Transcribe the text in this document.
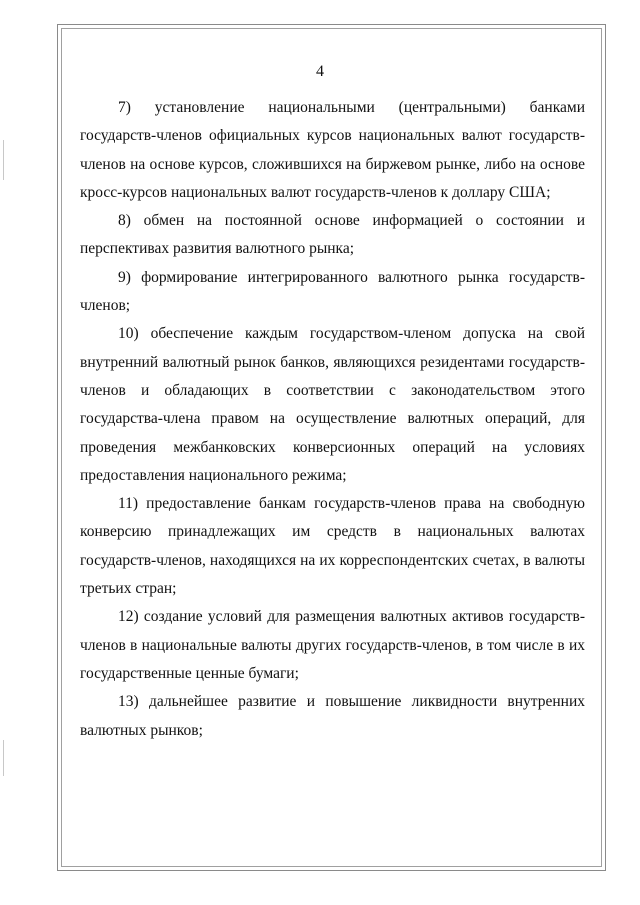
4

7) установление национальными (центральными) банками государств-членов официальных курсов национальных валют государств-членов на основе курсов, сложившихся на биржевом рынке, либо на основе кросс-курсов национальных валют государств-членов к доллару США;

8) обмен на постоянной основе информацией о состоянии и перспективах развития валютного рынка;

9) формирование интегрированного валютного рынка государств-членов;

10) обеспечение каждым государством-членом допуска на свой внутренний валютный рынок банков, являющихся резидентами государств-членов и обладающих в соответствии с законодательством этого государства-члена правом на осуществление валютных операций, для проведения межбанковских конверсионных операций на условиях предоставления национального режима;

11) предоставление банкам государств-членов права на свободную конверсию принадлежащих им средств в национальных валютах государств-членов, находящихся на их корреспондентских счетах, в валюты третьих стран;

12) создание условий для размещения валютных активов государств-членов в национальные валюты других государств-членов, в том числе в их государственные ценные бумаги;

13) дальнейшее развитие и повышение ликвидности внутренних валютных рынков;
